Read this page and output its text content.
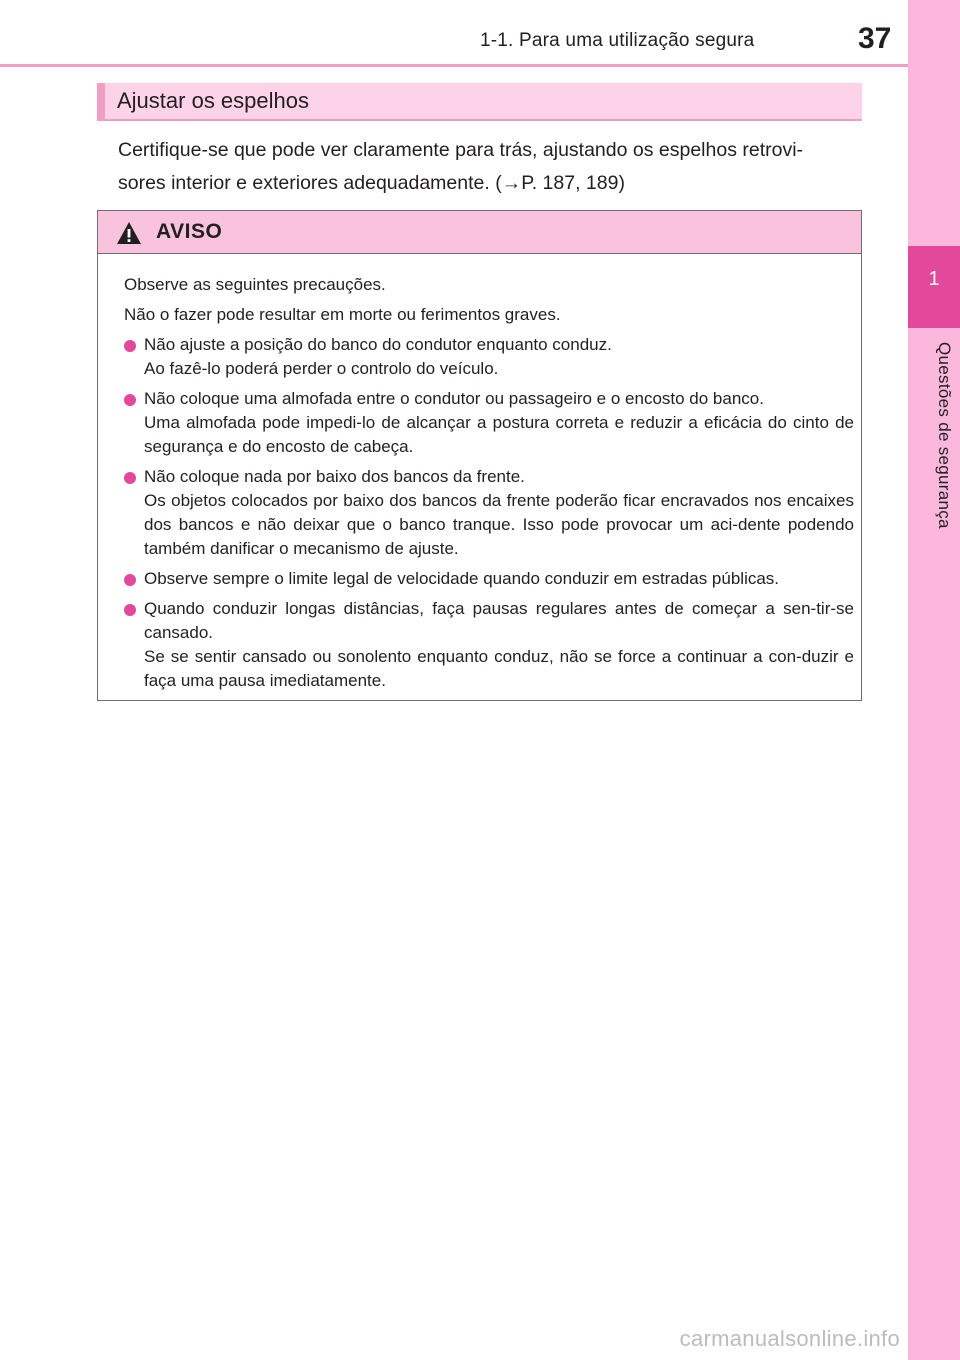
1-1. Para uma utilização segura	37
1
Questões de segurança
Ajustar os espelhos
Certifique-se que pode ver claramente para trás, ajustando os espelhos retrovi-
sores interior e exteriores adequadamente. (→P. 187, 189)
AVISO

Observe as seguintes precauções.

Não o fazer pode resultar em morte ou ferimentos graves.

Não ajuste a posição do banco do condutor enquanto conduz.
Ao fazê-lo poderá perder o controlo do veículo.
Não coloque uma almofada entre o condutor ou passageiro e o encosto do banco.
Uma almofada pode impedi-lo de alcançar a postura correta e reduzir a eficácia do cinto de segurança e do encosto de cabeça.
Não coloque nada por baixo dos bancos da frente.
Os objetos colocados por baixo dos bancos da frente poderão ficar encravados nos encaixes dos bancos e não deixar que o banco tranque. Isso pode provocar um aci-dente podendo também danificar o mecanismo de ajuste.
Observe sempre o limite legal de velocidade quando conduzir em estradas públicas.
Quando conduzir longas distâncias, faça pausas regulares antes de começar a sen-tir-se cansado.
Se se sentir cansado ou sonolento enquanto conduz, não se force a continuar a con-duzir e faça uma pausa imediatamente.
carmanualsonline.info
